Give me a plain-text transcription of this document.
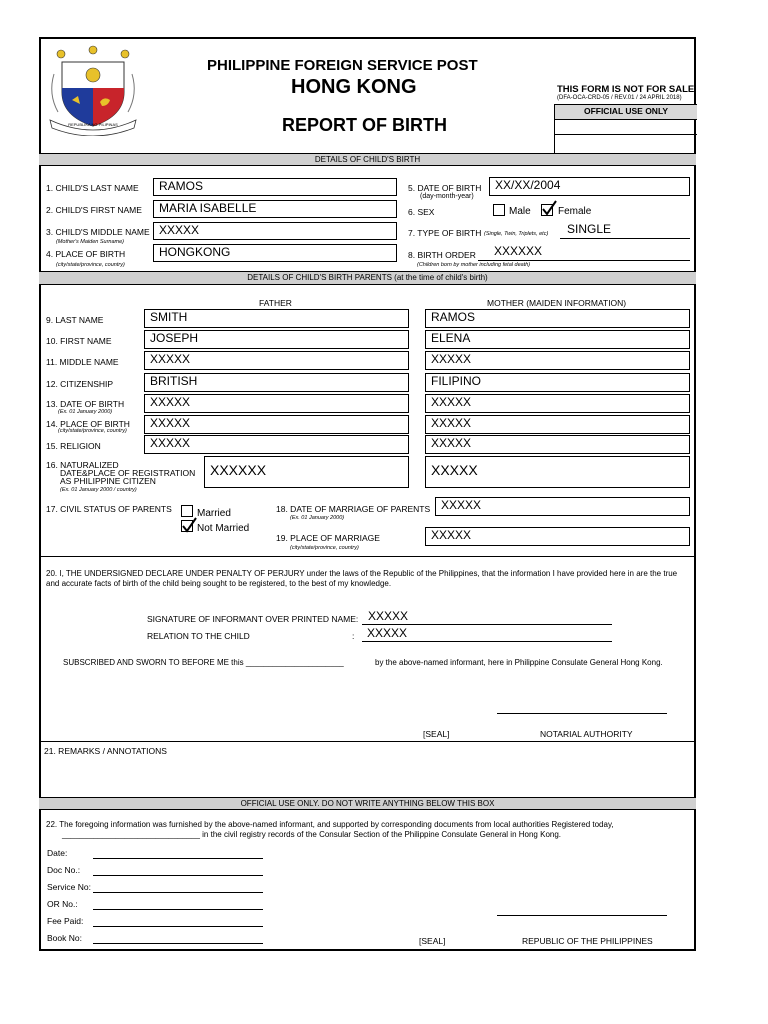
REPUBLIKA NG PILIPINAS
PHILIPPINE FOREIGN SERVICE POST
HONG KONG
REPORT OF BIRTH
THIS FORM IS NOT FOR SALE
(DFA-OCA-CRD-05 / REV.01 / 24 APRIL 2018)
OFFICIAL USE ONLY
DETAILS OF CHILD'S BIRTH
1. CHILD'S LAST NAME	RAMOS
2. CHILD'S FIRST NAME	MARIA ISABELLE
3. CHILD'S MIDDLE NAME
(Mother's Maiden Surname)
XXXXX
4. PLACE OF BIRTH
(city/state/province, country)
HONGKONG
5. DATE OF BIRTH
(day-month-year)
XX/XX/2004
6. SEX	Male	Female
7. TYPE OF BIRTH (Single, Twin, Triplets, etc) SINGLE
8. BIRTH ORDER XXXXXX
(Children born by mother including fetal death)
DETAILS OF CHILD'S BIRTH PARENTS (at the time of child's birth)
FATHER	MOTHER (MAIDEN INFORMATION)
9. LAST NAME	SMITH	RAMOS
10. FIRST NAME	JOSEPH	ELENA
11. MIDDLE NAME	XXXXX	XXXXX
12. CITIZENSHIP	BRITISH	FILIPINO
13. DATE OF BIRTH
(Ex. 01 January 2000)
XXXXX	XXXXX
14. PLACE OF BIRTH
(city/state/province, country)
XXXXX	XXXXX
15. RELIGION	XXXXX	XXXXX
16. NATURALIZED
DATE&PLACE OF REGISTRATION
AS PHILIPPINE CITIZEN
(Ex. 01 January 2000 / country)
XXXXXX	XXXXX
17. CIVIL STATUS OF PARENTS	Married
Not Married
18. DATE OF MARRIAGE OF PARENTS
(Ex. 01 January 2000)
XXXXX
19. PLACE OF MARRIAGE
(city/state/province, country)
XXXXX
20. I, THE UNDERSIGNED DECLARE UNDER PENALTY OF PERJURY under the laws of the Republic of the Philippines, that the information I have provided here in are the true and accurate facts of birth of the child being sought to be registered, to the best of my knowledge.
SIGNATURE OF INFORMANT OVER PRINTED NAME: XXXXX
RELATION TO THE CHILD	: XXXXX
SUBSCRIBED AND SWORN TO BEFORE ME this ______________________	by the above-named informant, here in Philippine Consulate General Hong Kong.
[SEAL]	NOTARIAL AUTHORITY
21. REMARKS / ANNOTATIONS
OFFICIAL USE ONLY. DO NOT WRITE ANYTHING BELOW THIS BOX
22. The foregoing information was furnished by the above-named informant, and supported by corresponding documents from local authorities Registered today,
_______________________________ in the civil registry records of the Consular Section of the Philippine Consulate General in Hong Kong.
Date:
Doc No.:
Service No:
OR No.:
Fee Paid:
Book No:	[SEAL]	REPUBLIC OF THE PHILIPPINES
